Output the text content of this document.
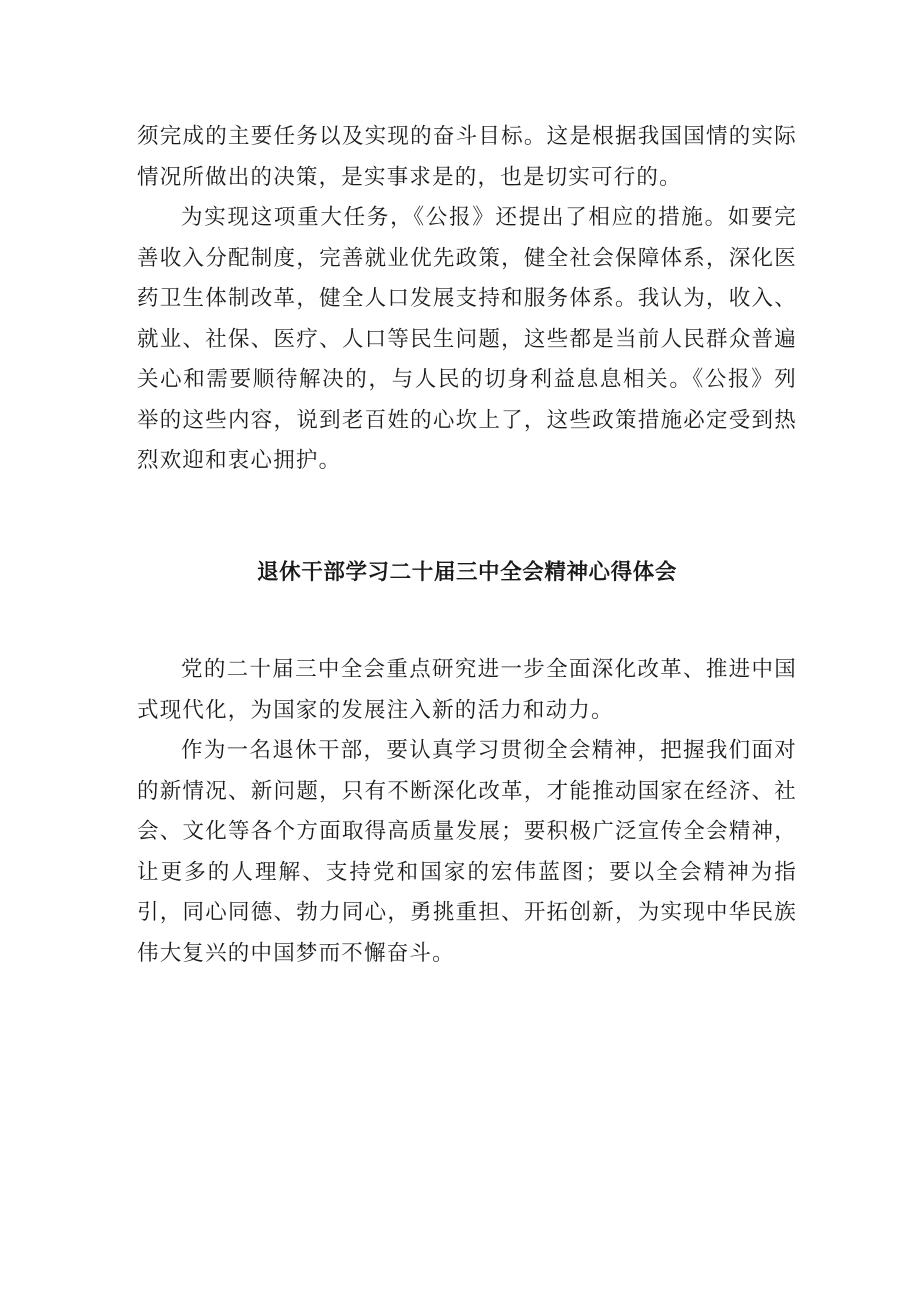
须完成的主要任务以及实现的奋斗目标。这是根据我国国情的实际情况所做出的决策，是实事求是的，也是切实可行的。

为实现这项重大任务，《公报》还提出了相应的措施。如要完善收入分配制度，完善就业优先政策，健全社会保障体系，深化医药卫生体制改革，健全人口发展支持和服务体系。我认为，收入、就业、社保、医疗、人口等民生问题，这些都是当前人民群众普遍关心和需要顺待解决的，与人民的切身利益息息相关。《公报》列举的这些内容，说到老百姓的心坎上了，这些政策措施必定受到热烈欢迎和衷心拥护。

退休干部学习二十届三中全会精神心得体会

党的二十届三中全会重点研究进一步全面深化改革、推进中国式现代化，为国家的发展注入新的活力和动力。

作为一名退休干部，要认真学习贯彻全会精神，把握我们面对的新情况、新问题，只有不断深化改革，才能推动国家在经济、社会、文化等各个方面取得高质量发展；要积极广泛宣传全会精神，让更多的人理解、支持党和国家的宏伟蓝图；要以全会精神为指引，同心同德、勃力同心，勇挑重担、开拓创新，为实现中华民族伟大复兴的中国梦而不懈奋斗。
